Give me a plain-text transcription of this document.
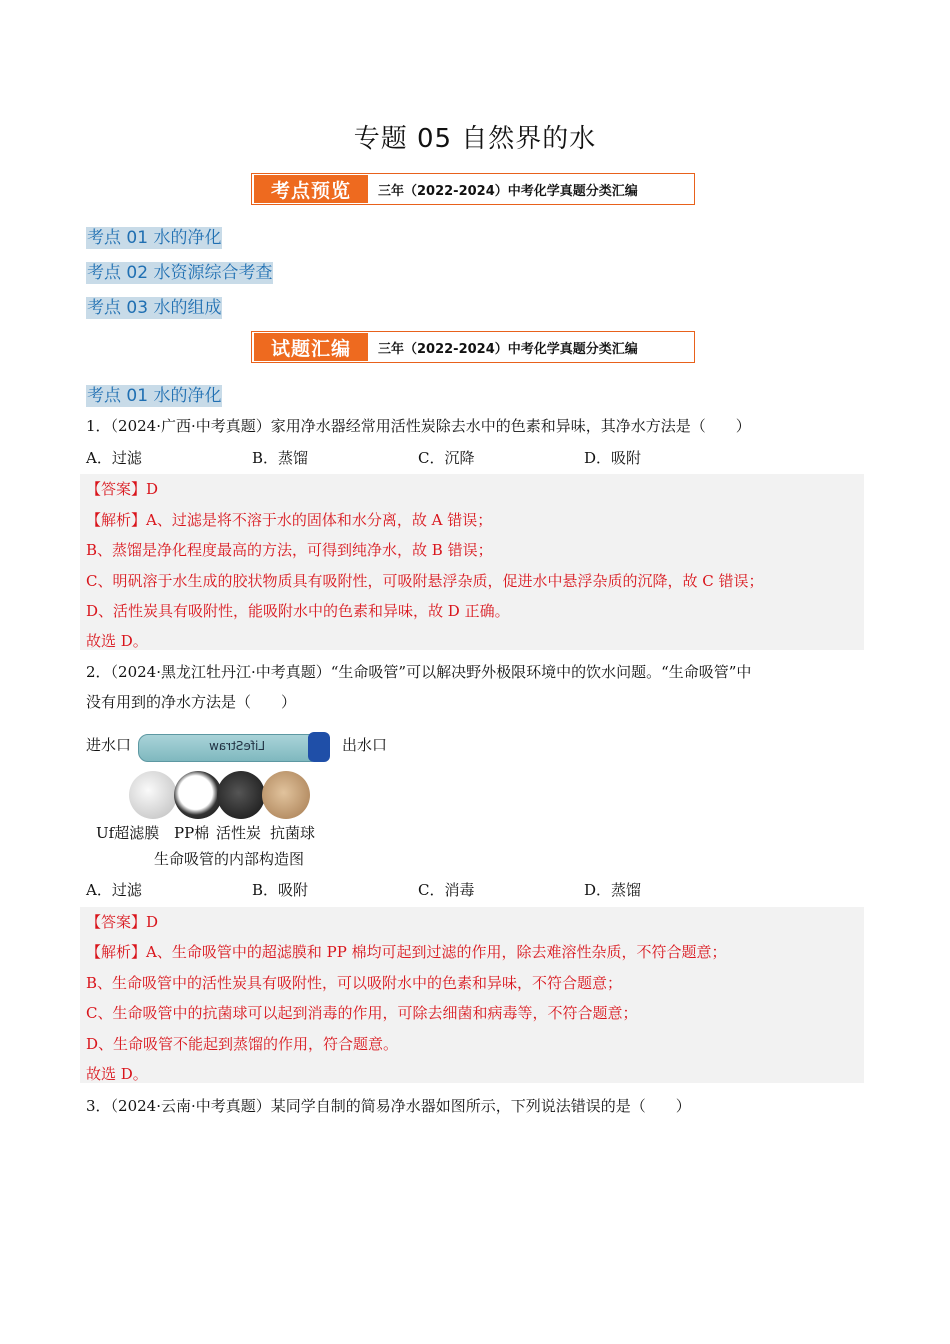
专题 05 自然界的水
考点预览	三年（2022-2024）中考化学真题分类汇编
考点 01 水的净化
考点 02 水资源综合考查
考点 03 水的组成
试题汇编	三年（2022-2024）中考化学真题分类汇编
考点 01 水的净化
1．（2024·广西·中考真题）家用净水器经常用活性炭除去水中的色素和异味，其净水方法是（　　）
A．过滤	B．蒸馏	C．沉降	D．吸附
【答案】D
【解析】A、过滤是将不溶于水的固体和水分离，故 A 错误；
B、蒸馏是净化程度最高的方法，可得到纯净水，故 B 错误；
C、明矾溶于水生成的胶状物质具有吸附性，可吸附悬浮杂质，促进水中悬浮杂质的沉降，故 C 错误；
D、活性炭具有吸附性，能吸附水中的色素和异味，故 D 正确。
故选 D。
2．（2024·黑龙江牡丹江·中考真题）“生命吸管”可以解决野外极限环境中的饮水问题。“生命吸管”中
没有用到的净水方法是（　　）
进水口	LifeStraw	出水口
Uf超滤膜 PP棉 活性炭 抗菌球
生命吸管的内部构造图
A．过滤	B．吸附	C．消毒	D．蒸馏
【答案】D
【解析】A、生命吸管中的超滤膜和 PP 棉均可起到过滤的作用，除去难溶性杂质，不符合题意；
B、生命吸管中的活性炭具有吸附性，可以吸附水中的色素和异味，不符合题意；
C、生命吸管中的抗菌球可以起到消毒的作用，可除去细菌和病毒等，不符合题意；
D、生命吸管不能起到蒸馏的作用，符合题意。
故选 D。
3．（2024·云南·中考真题）某同学自制的简易净水器如图所示，下列说法错误的是（　　）
